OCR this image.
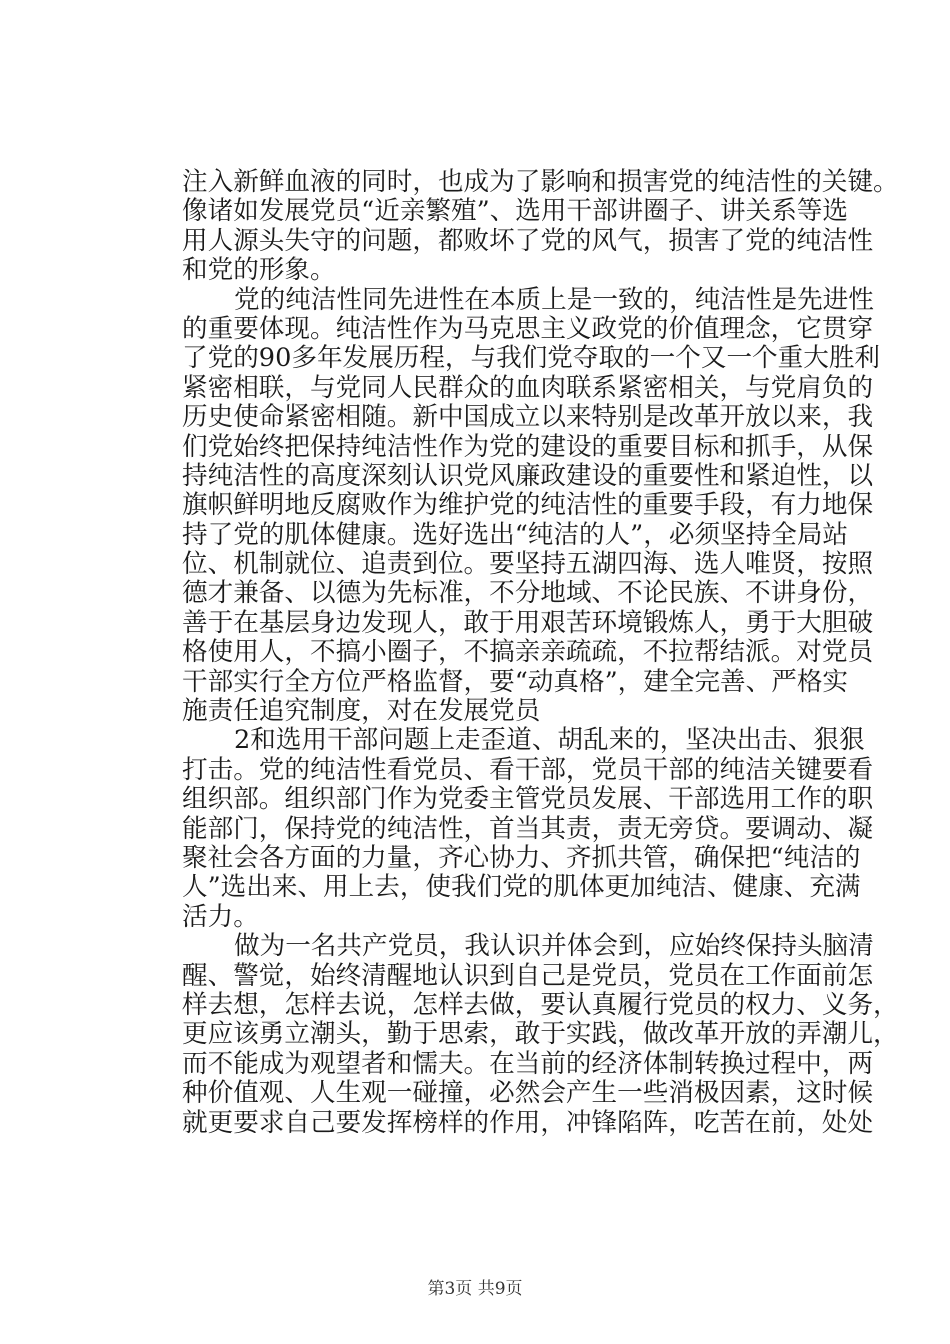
注入新鲜血液的同时，也成为了影响和损害党的纯洁性的关键。
像诸如发展党员“近亲繁殖”、选用干部讲圈子、讲关系等选
用人源头失守的问题，都败坏了党的风气，损害了党的纯洁性
和党的形象。
党的纯洁性同先进性在本质上是一致的，纯洁性是先进性
的重要体现。纯洁性作为马克思主义政党的价值理念，它贯穿
了党的90多年发展历程，与我们党夺取的一个又一个重大胜利
紧密相联，与党同人民群众的血肉联系紧密相关，与党肩负的
历史使命紧密相随。新中国成立以来特别是改革开放以来，我
们党始终把保持纯洁性作为党的建设的重要目标和抓手，从保
持纯洁性的高度深刻认识党风廉政建设的重要性和紧迫性，以
旗帜鲜明地反腐败作为维护党的纯洁性的重要手段，有力地保
持了党的肌体健康。选好选出“纯洁的人”，必须坚持全局站
位、机制就位、追责到位。要坚持五湖四海、选人唯贤，按照
德才兼备、以德为先标准，不分地域、不论民族、不讲身份，
善于在基层身边发现人，敢于用艰苦环境锻炼人，勇于大胆破
格使用人，不搞小圈子，不搞亲亲疏疏，不拉帮结派。对党员
干部实行全方位严格监督，要“动真格”，建全完善、严格实
施责任追究制度，对在发展党员
2和选用干部问题上走歪道、胡乱来的，坚决出击、狠狠
打击。党的纯洁性看党员、看干部，党员干部的纯洁关键要看
组织部。组织部门作为党委主管党员发展、干部选用工作的职
能部门，保持党的纯洁性，首当其责，责无旁贷。要调动、凝
聚社会各方面的力量，齐心协力、齐抓共管，确保把“纯洁的
人”选出来、用上去，使我们党的肌体更加纯洁、健康、充满
活力。
做为一名共产党员，我认识并体会到，应始终保持头脑清
醒、警觉，始终清醒地认识到自己是党员，党员在工作面前怎
样去想，怎样去说，怎样去做，要认真履行党员的权力、义务，
更应该勇立潮头，勤于思索，敢于实践，做改革开放的弄潮儿，
而不能成为观望者和懦夫。在当前的经济体制转换过程中，两
种价值观、人生观一碰撞，必然会产生一些消极因素，这时候
就更要求自己要发挥榜样的作用，冲锋陷阵，吃苦在前，处处
第3页 共9页
